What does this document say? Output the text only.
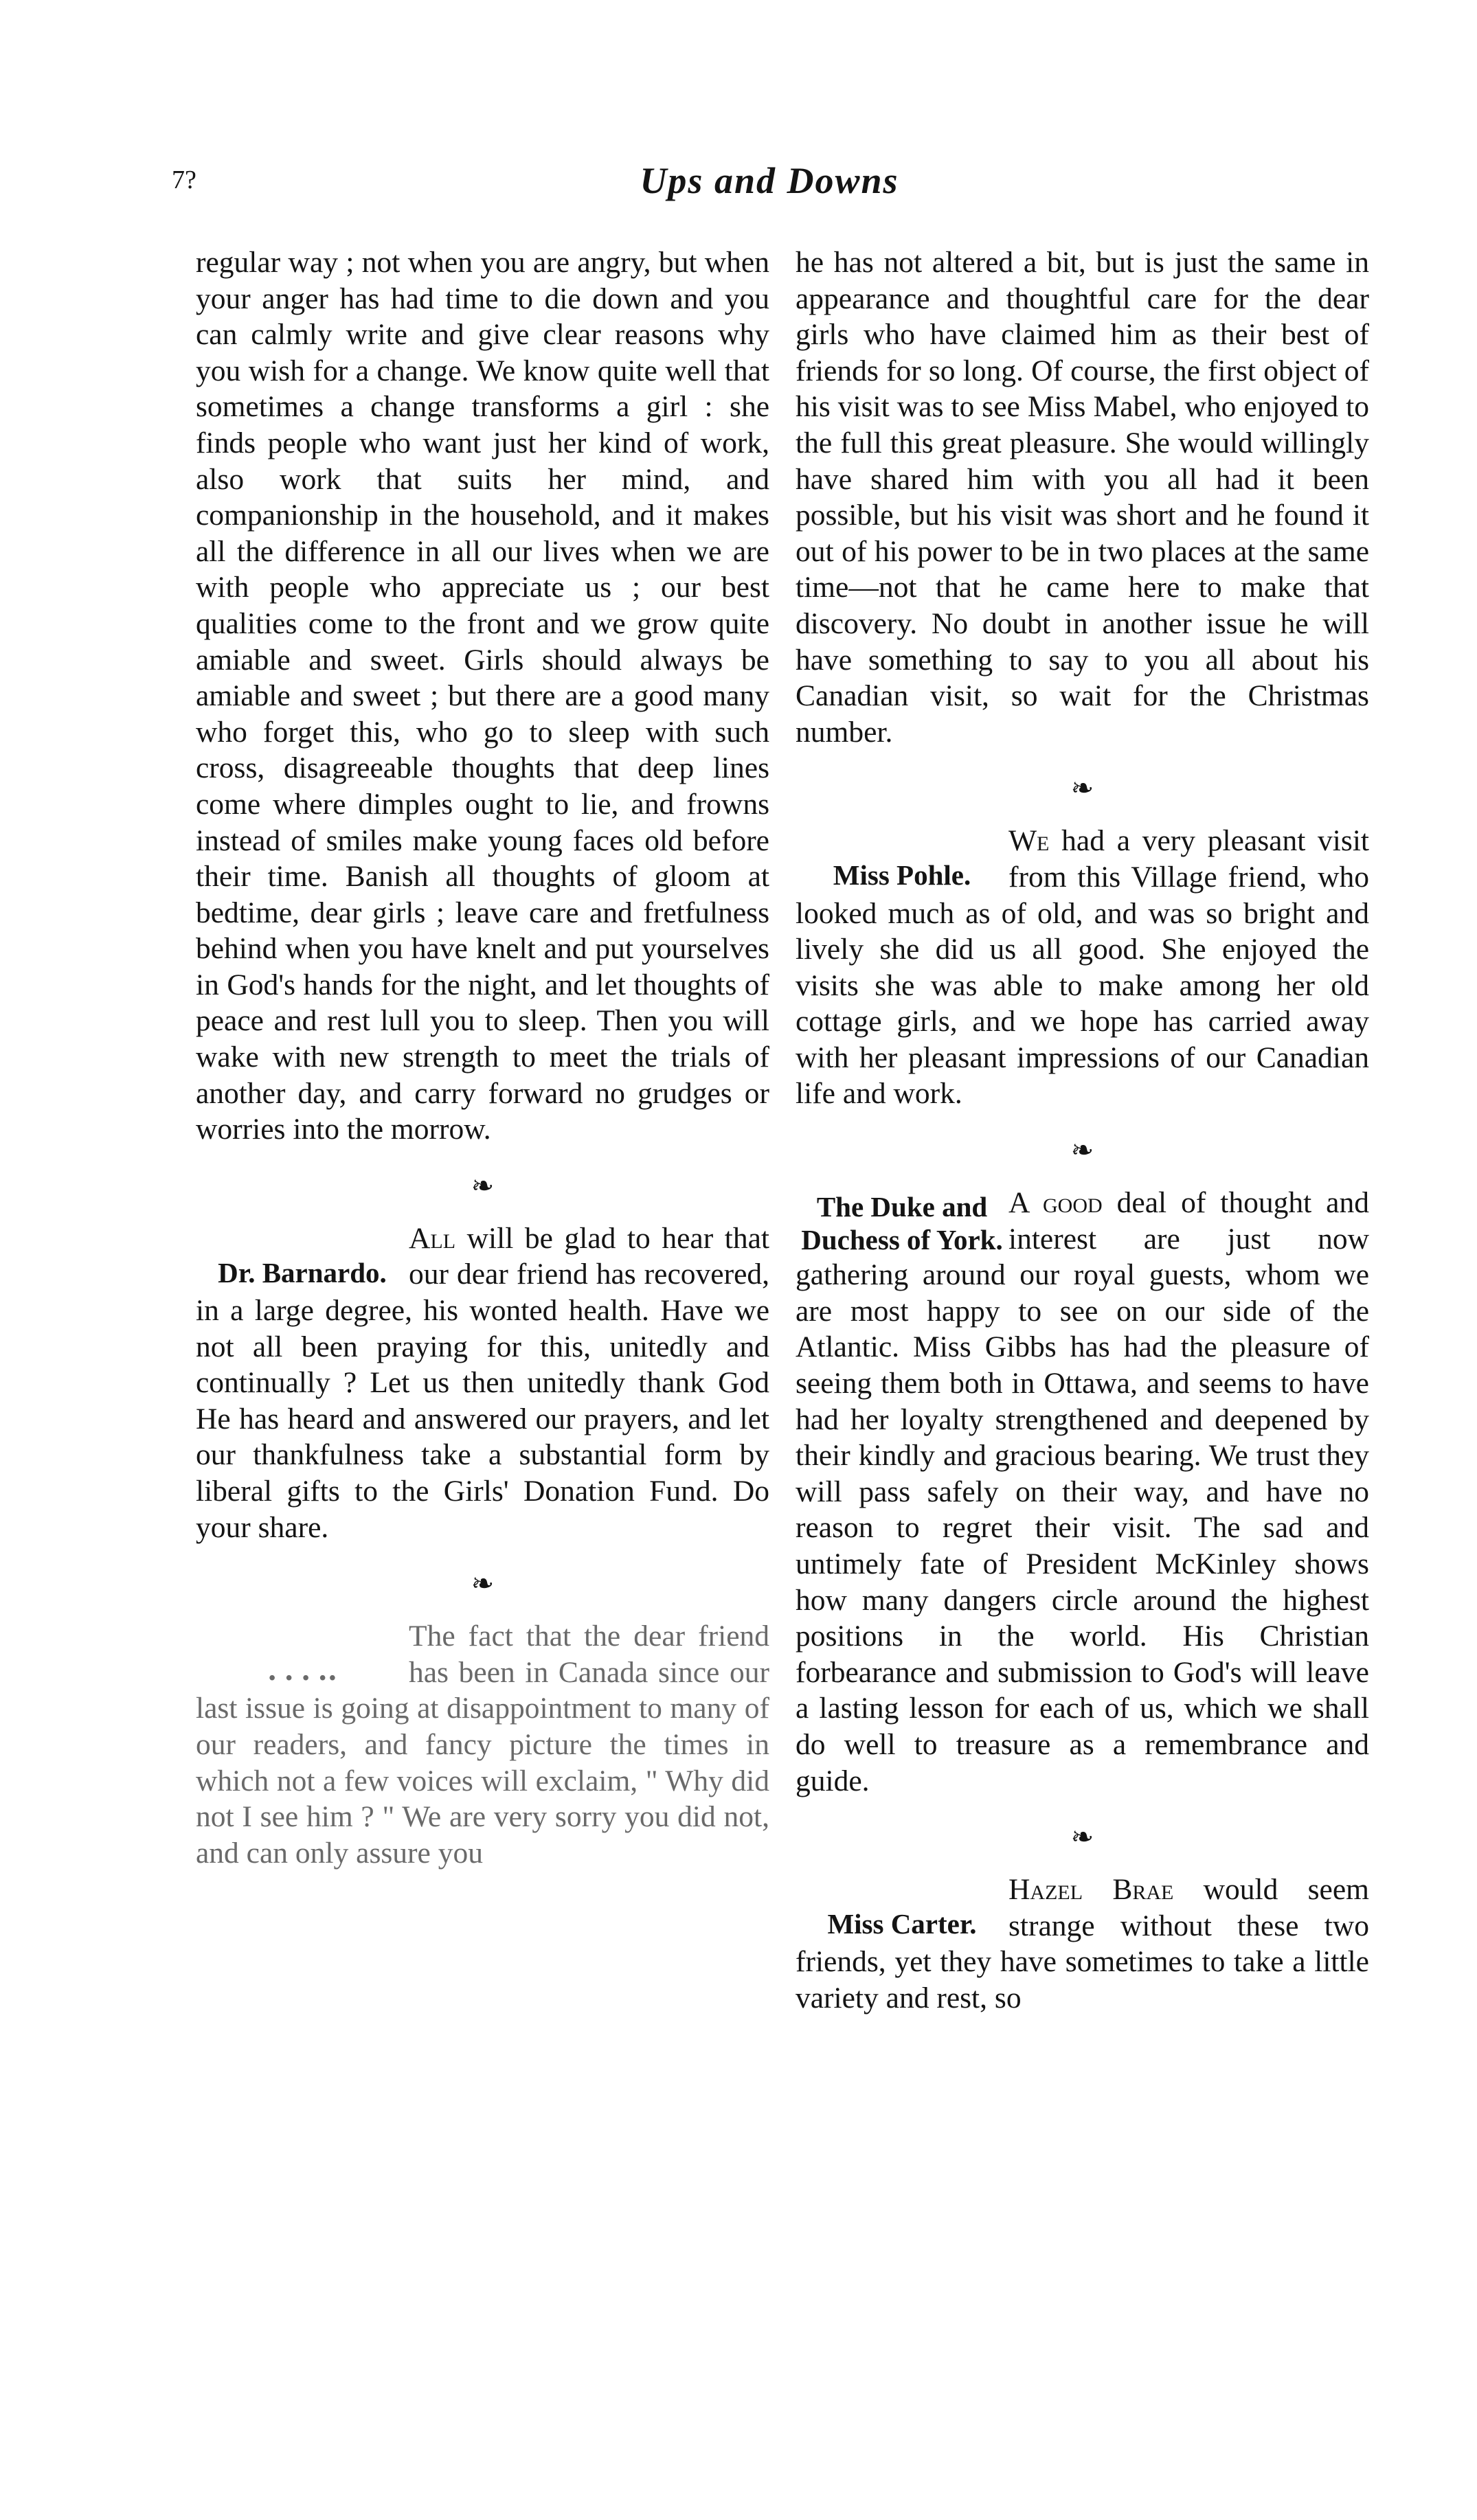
7?	Ups and Downs

regular way ; not when you are angry, but when your anger has had time to die down and you can calmly write and give clear reasons why you wish for a change. We know quite well that sometimes a change transforms a girl : she finds people who want just her kind of work, also work that suits her mind, and companionship in the household, and it makes all the difference in all our lives when we are with people who appreciate us ; our best qualities come to the front and we grow quite amiable and sweet. Girls should always be amiable and sweet ; but there are a good many who forget this, who go to sleep with such cross, disagreeable thoughts that deep lines come where dimples ought to lie, and frowns instead of smiles make young faces old before their time. Banish all thoughts of gloom at bedtime, dear girls ; leave care and fretfulness behind when you have knelt and put yourselves in God's hands for the night, and let thoughts of peace and rest lull you to sleep. Then you will wake with new strength to meet the trials of another day, and carry forward no grudges or worries into the morrow.

❧
Dr. Barnardo.

All will be glad to hear that our dear friend has recovered, in a large degree, his wonted health. Have we not all been praying for this, unitedly and continually ? Let us then unitedly thank God He has heard and answered our prayers, and let our thankfulness take a substantial form by liberal gifts to the Girls' Donation Fund. Do your share.

❧
․ ․ ․ ․․

The fact that the dear friend has been in Canada since our last issue is going at disappointment to many of our readers, and fancy picture the times in which not a few voices will exclaim, " Why did not I see him ? " We are very sorry you did not, and can only assure you

he has not altered a bit, but is just the same in appearance and thoughtful care for the dear girls who have claimed him as their best of friends for so long. Of course, the first object of his visit was to see Miss Mabel, who enjoyed to the full this great pleasure. She would willingly have shared him with you all had it been possible, but his visit was short and he found it out of his power to be in two places at the same time—not that he came here to make that discovery. No doubt in another issue he will have something to say to you all about his Canadian visit, so wait for the Christmas number.

❧
Miss Pohle.

We had a very pleasant visit from this Village friend, who looked much as of old, and was so bright and lively she did us all good. She enjoyed the visits she was able to make among her old cottage girls, and we hope has carried away with her pleasant impressions of our Canadian life and work.

❧
The Duke and Duchess of York.

A good deal of thought and interest are just now gathering around our royal guests, whom we are most happy to see on our side of the Atlantic. Miss Gibbs has had the pleasure of seeing them both in Ottawa, and seems to have had her loyalty strengthened and deepened by their kindly and gracious bearing. We trust they will pass safely on their way, and have no reason to regret their visit. The sad and untimely fate of President McKinley shows how many dangers circle around the highest positions in the world. His Christian forbearance and submission to God's will leave a lasting lesson for each of us, which we shall do well to treasure as a remembrance and guide.

❧
Miss Carter.

Hazel Brae would seem strange without these two friends, yet they have sometimes to take a little variety and rest, so
